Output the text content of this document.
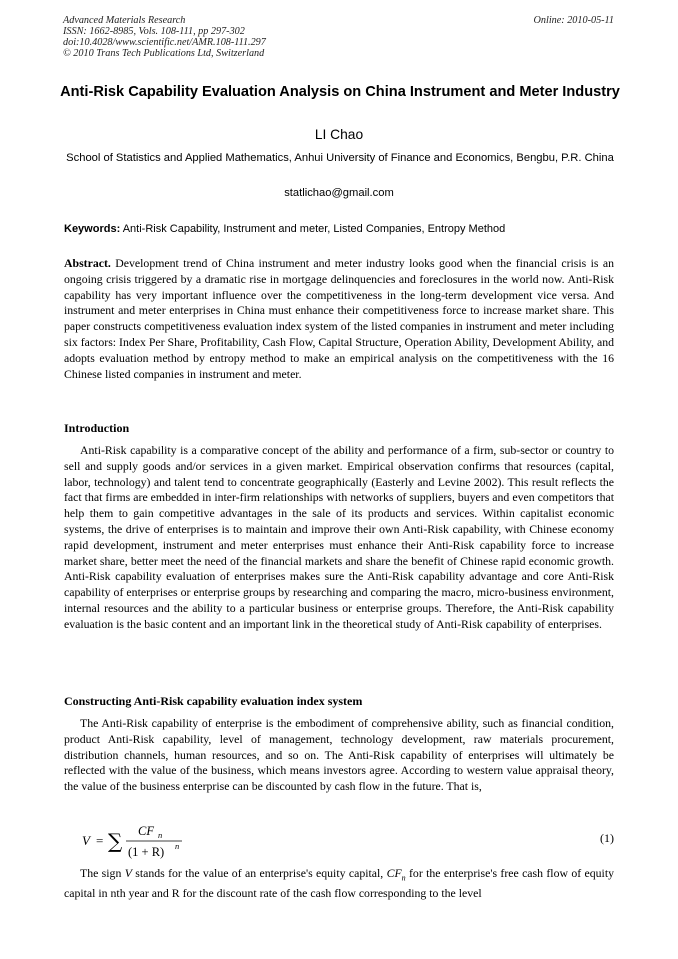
Advanced Materials Research
ISSN: 1662-8985, Vols. 108-111, pp 297-302
doi:10.4028/www.scientific.net/AMR.108-111.297
© 2010 Trans Tech Publications Ltd, Switzerland
Online: 2010-05-11
Anti-Risk Capability Evaluation Analysis on China Instrument and Meter Industry
LI Chao
School of Statistics and Applied Mathematics, Anhui University of Finance and Economics, Bengbu, P.R. China
statlichao@gmail.com
Keywords: Anti-Risk Capability, Instrument and meter, Listed Companies, Entropy Method
Abstract. Development trend of China instrument and meter industry looks good when the financial crisis is an ongoing crisis triggered by a dramatic rise in mortgage delinquencies and foreclosures in the world now. Anti-Risk capability has very important influence over the competitiveness in the long-term development vice versa. And instrument and meter enterprises in China must enhance their competitiveness force to increase market share. This paper constructs competitiveness evaluation index system of the listed companies in instrument and meter including six factors: Index Per Share, Profitability, Cash Flow, Capital Structure, Operation Ability, Development Ability, and adopts evaluation method by entropy method to make an empirical analysis on the competitiveness with the 16 Chinese listed companies in instrument and meter.
Introduction
Anti-Risk capability is a comparative concept of the ability and performance of a firm, sub-sector or country to sell and supply goods and/or services in a given market. Empirical observation confirms that resources (capital, labor, technology) and talent tend to concentrate geographically (Easterly and Levine 2002). This result reflects the fact that firms are embedded in inter-firm relationships with networks of suppliers, buyers and even competitors that help them to gain competitive advantages in the sale of its products and services. Within capitalist economic systems, the drive of enterprises is to maintain and improve their own Anti-Risk capability, with Chinese economy rapid development, instrument and meter enterprises must enhance their Anti-Risk capability force to increase market share, better meet the need of the financial markets and share the benefit of Chinese rapid economic growth. Anti-Risk capability evaluation of enterprises makes sure the Anti-Risk capability advantage and core Anti-Risk capability of enterprises or enterprise groups by researching and comparing the macro, micro-business environment, internal resources and the ability to a particular business or enterprise groups. Therefore, the Anti-Risk capability evaluation is the basic content and an important link in the theoretical study of Anti-Risk capability of enterprises.
Constructing Anti-Risk capability evaluation index system
The Anti-Risk capability of enterprise is the embodiment of comprehensive ability, such as financial condition, product Anti-Risk capability, level of management, technology development, raw materials procurement, distribution channels, human resources, and so on. The Anti-Risk capability of enterprises will ultimately be reflected with the value of the business, which means investors agree. According to western value appraisal theory, the value of the business enterprise can be discounted by cash flow in the future. That is,
V = ∑ CF n
(1 + R) n
(1)
The sign V stands for the value of an enterprise's equity capital, $CF_n$ for the enterprise's free cash flow of equity capital in nth year and R for the discount rate of the cash flow corresponding to the level
